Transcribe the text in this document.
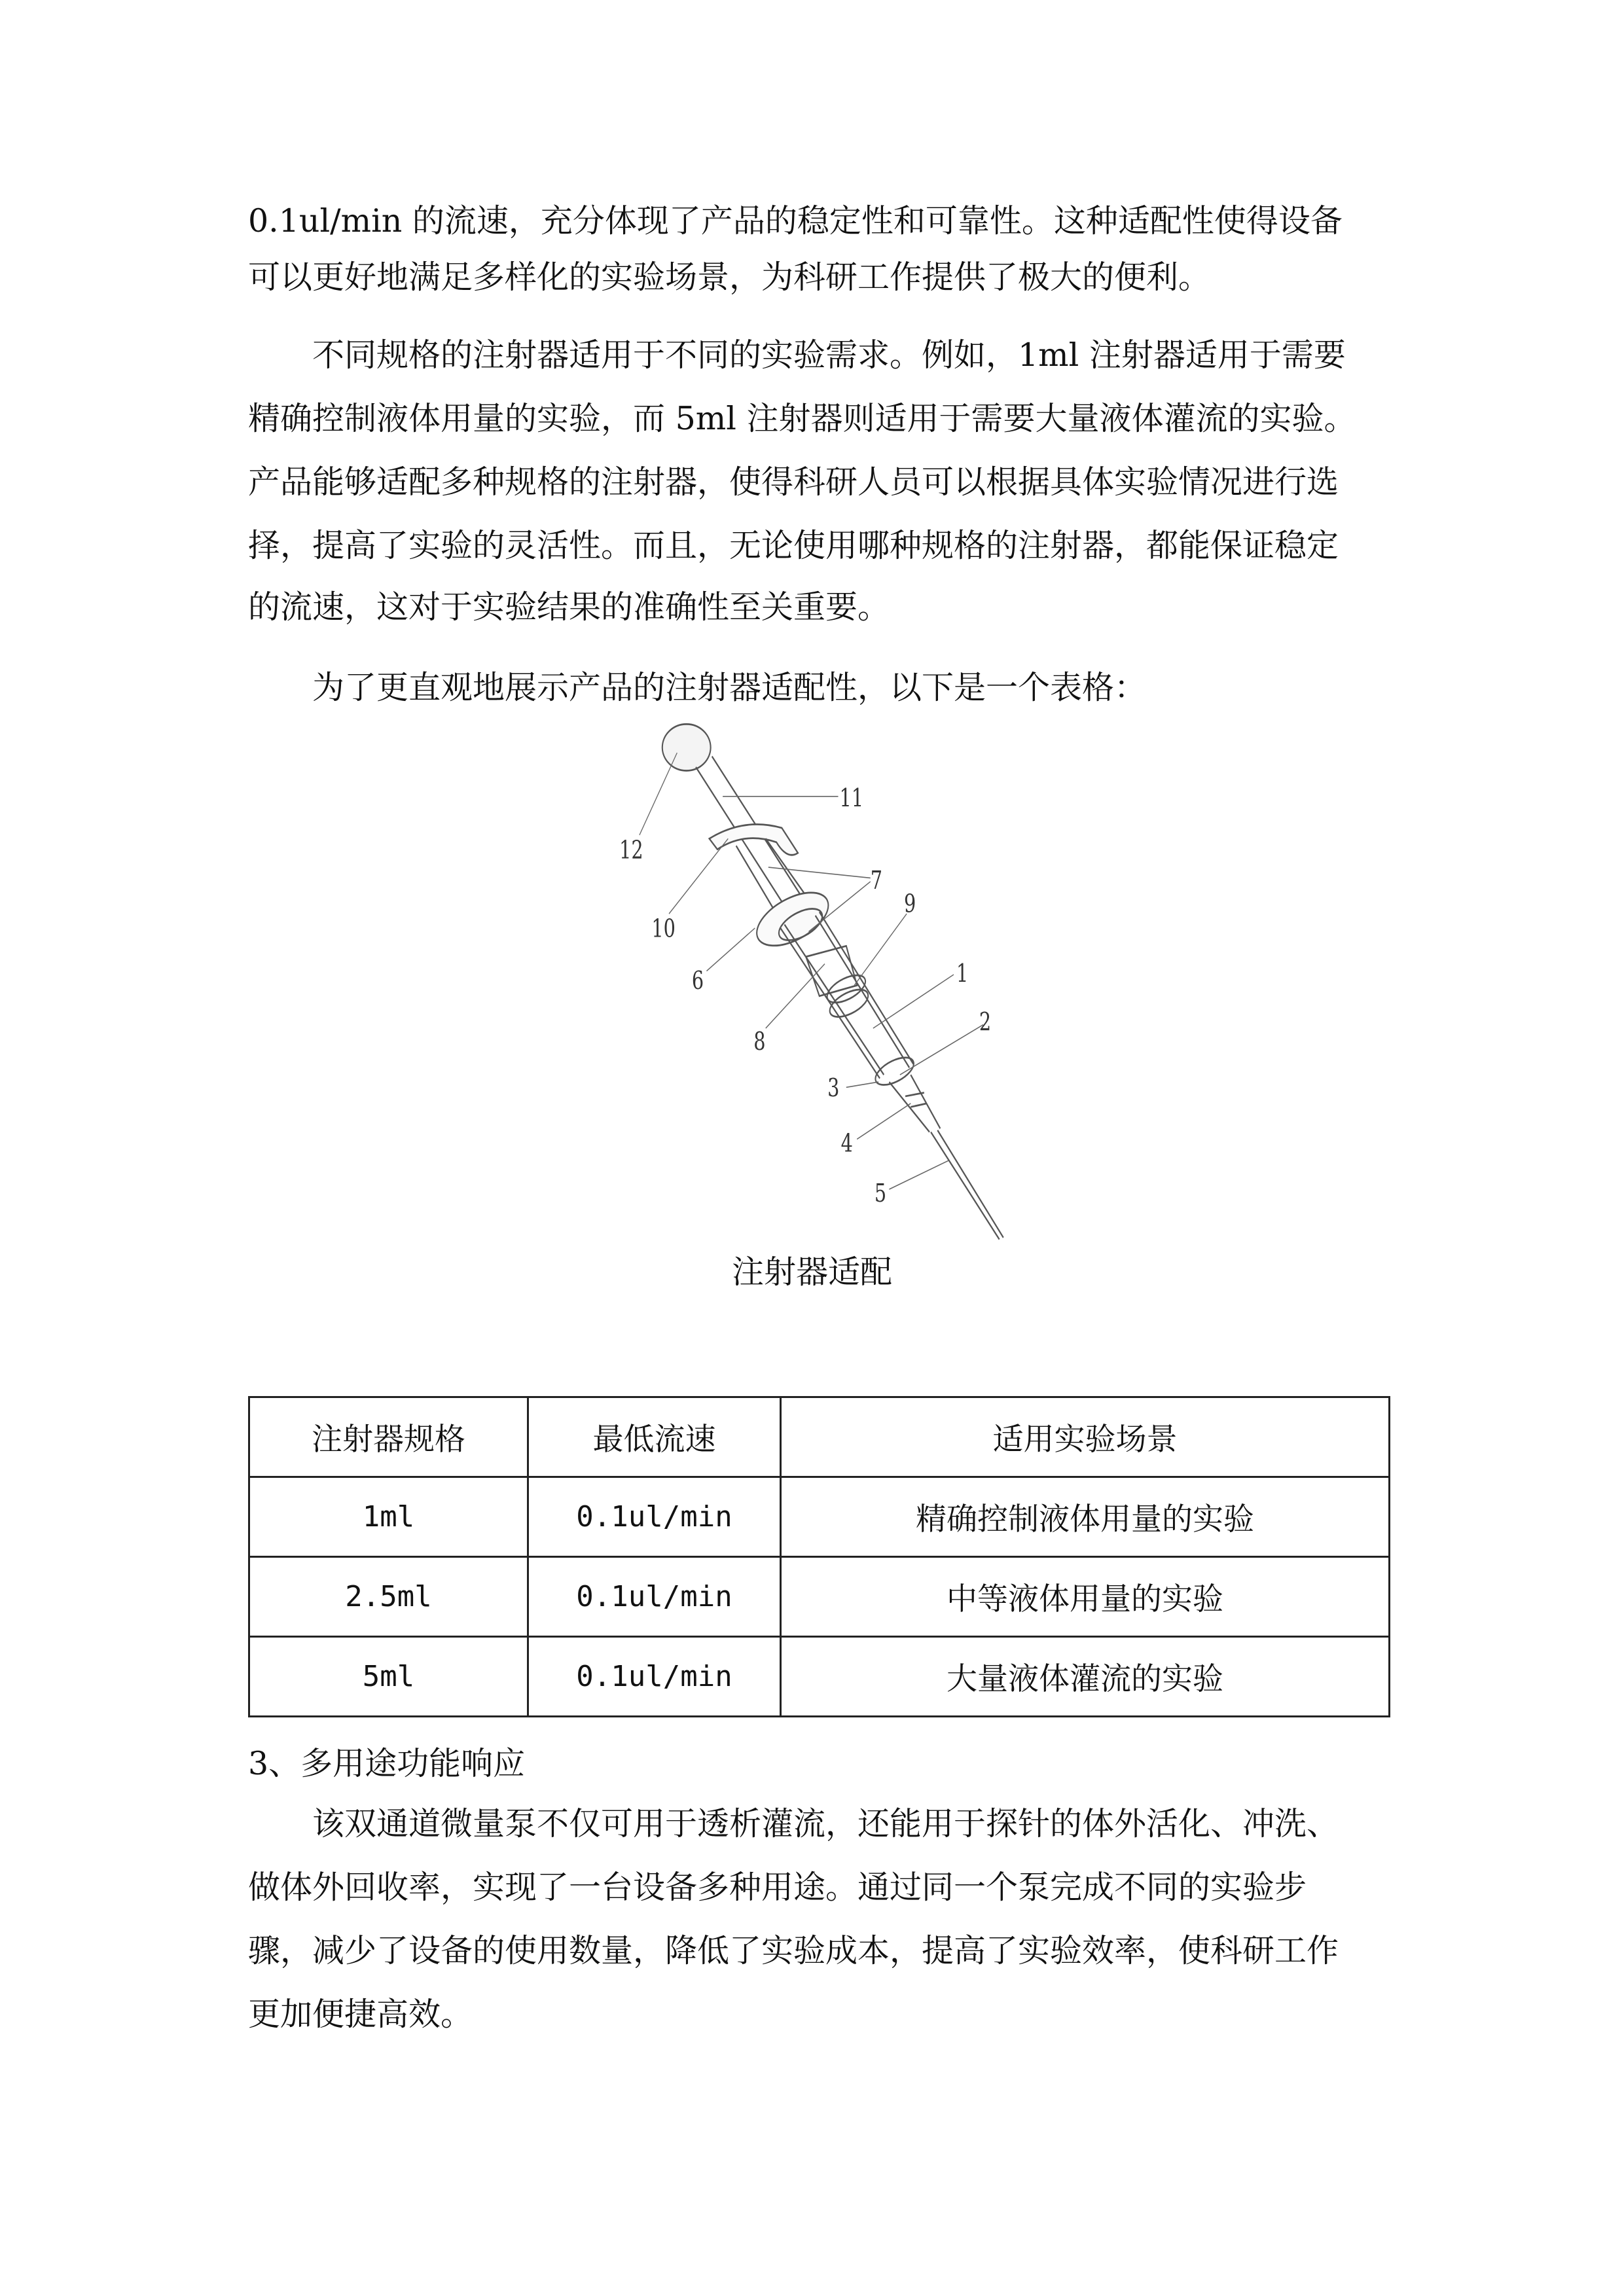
0.1ul/min 的流速，充分体现了产品的稳定性和可靠性。这种适配性使得设备
可以更好地满足多样化的实验场景，为科研工作提供了极大的便利。
不同规格的注射器适用于不同的实验需求。例如，1ml 注射器适用于需要
精确控制液体用量的实验，而 5ml 注射器则适用于需要大量液体灌流的实验。
产品能够适配多种规格的注射器，使得科研人员可以根据具体实验情况进行选
择，提高了实验的灵活性。而且，无论使用哪种规格的注射器，都能保证稳定
的流速，这对于实验结果的准确性至关重要。
为了更直观地展示产品的注射器适配性，以下是一个表格：
1
2
3
4
5
6
7
8
9
10
11
12
注射器适配
注射器规格	最低流速	适用实验场景
1ml	0.1ul/min	精确控制液体用量的实验
2.5ml	0.1ul/min	中等液体用量的实验
5ml	0.1ul/min	大量液体灌流的实验
3、多用途功能响应
该双通道微量泵不仅可用于透析灌流，还能用于探针的体外活化、冲洗、
做体外回收率，实现了一台设备多种用途。通过同一个泵完成不同的实验步
骤，减少了设备的使用数量，降低了实验成本，提高了实验效率，使科研工作
更加便捷高效。
